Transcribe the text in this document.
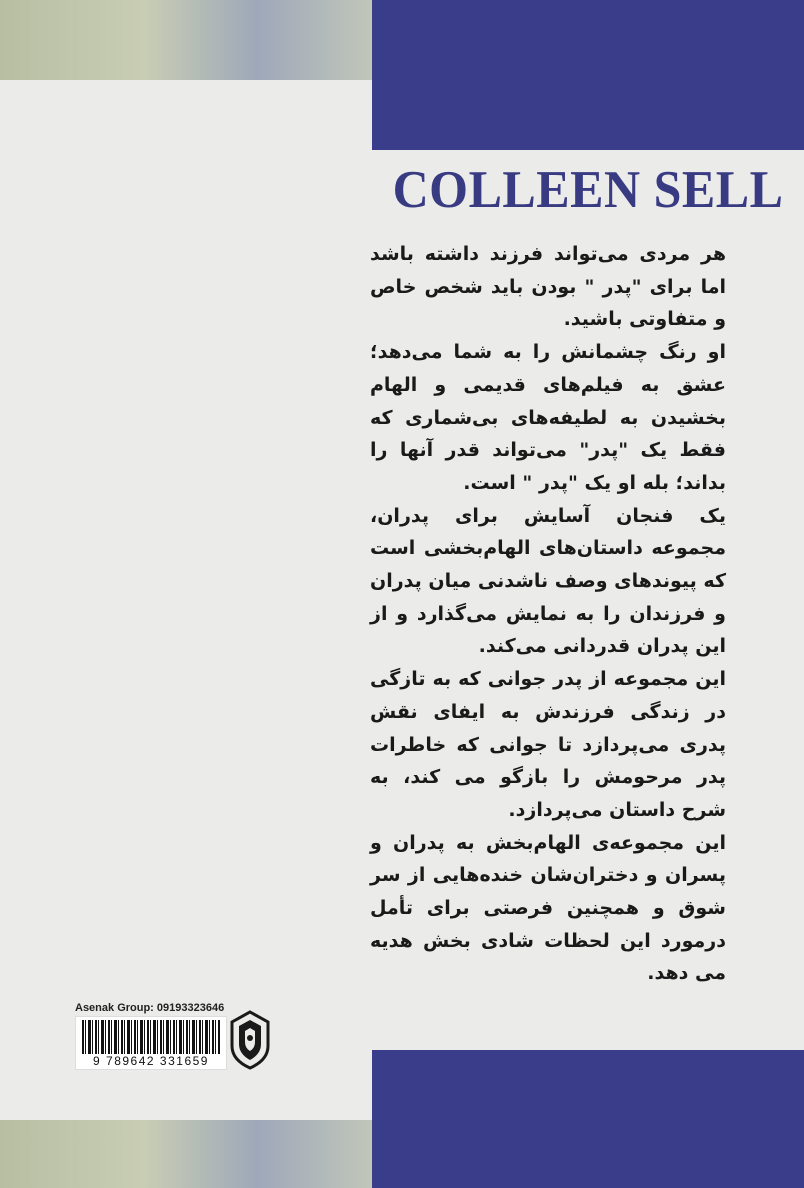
COLLEEN SELL

هر مردی می‌تواند فرزند داشته باشد اما برای "پدر " بودن باید شخص خاص و متفاوتی باشید.

او رنگ چشمانش را به شما می‌دهد؛ عشق به فیلم‌های قدیمی و الهام بخشیدن به لطیفه‌های بی‌شماری که فقط یک "پدر" می‌تواند قدر آنها را بداند؛ بله او یک "پدر " است.

یک فنجان آسایش برای پدران، مجموعه داستان‌های الهام‌بخشی است که پیوندهای وصف ناشدنی میان پدران و فرزندان را به نمایش می‌گذارد و از این پدران قدردانی می‌کند.

این مجموعه از پدر جوانی که به تازگی در زندگی فرزندش به ایفای نقش پدری می‌پردازد تا جوانی که خاطرات پدر مرحومش را بازگو می کند، به شرح داستان می‌پردازد.

این مجموعه‌ی الهام‌بخش به پدران و پسران و دختران‌شان خنده‌هایی از سر شوق و همچنین فرصتی برای تأمل درمورد این لحظات شادی بخش هدیه می دهد.

Asenak Group: 09193323646
9 789642 331659
